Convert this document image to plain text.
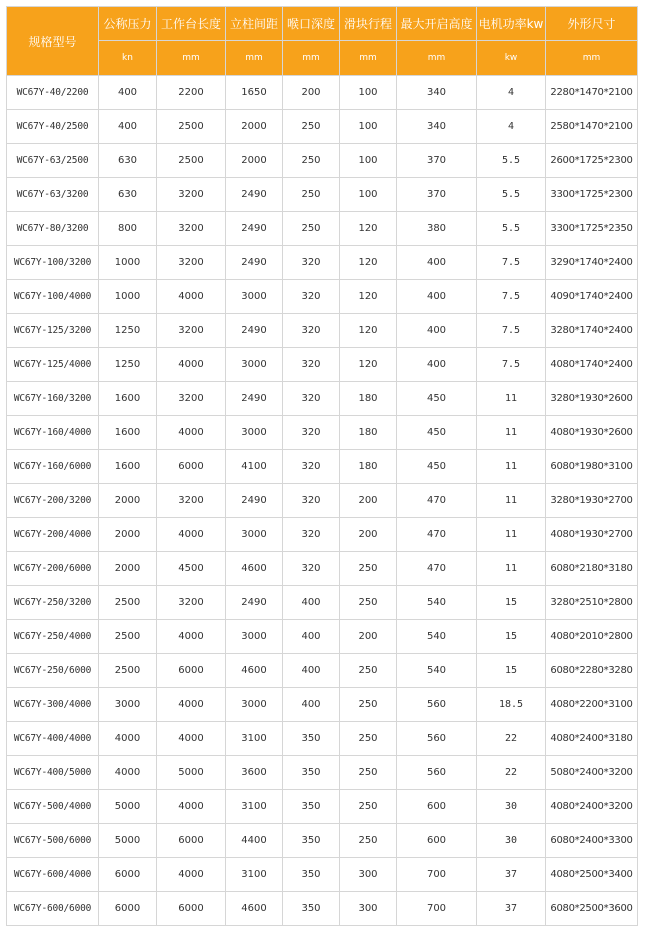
规格型号	公称压力	工作台长度	立柱间距	喉口深度	滑块行程	最大开启高度	电机功率kw	外形尺寸
	kn	mm	mm	mm	mm	mm	kw	mm
WC67Y-40/2200	400	2200	1650	200	100	340	4	2280*1470*2100
WC67Y-40/2500	400	2500	2000	250	100	340	4	2580*1470*2100
WC67Y-63/2500	630	2500	2000	250	100	370	5.5	2600*1725*2300
WC67Y-63/3200	630	3200	2490	250	100	370	5.5	3300*1725*2300
WC67Y-80/3200	800	3200	2490	250	120	380	5.5	3300*1725*2350
WC67Y-100/3200	1000	3200	2490	320	120	400	7.5	3290*1740*2400
WC67Y-100/4000	1000	4000	3000	320	120	400	7.5	4090*1740*2400
WC67Y-125/3200	1250	3200	2490	320	120	400	7.5	3280*1740*2400
WC67Y-125/4000	1250	4000	3000	320	120	400	7.5	4080*1740*2400
WC67Y-160/3200	1600	3200	2490	320	180	450	11	3280*1930*2600
WC67Y-160/4000	1600	4000	3000	320	180	450	11	4080*1930*2600
WC67Y-160/6000	1600	6000	4100	320	180	450	11	6080*1980*3100
WC67Y-200/3200	2000	3200	2490	320	200	470	11	3280*1930*2700
WC67Y-200/4000	2000	4000	3000	320	200	470	11	4080*1930*2700
WC67Y-200/6000	2000	4500	4600	320	250	470	11	6080*2180*3180
WC67Y-250/3200	2500	3200	2490	400	250	540	15	3280*2510*2800
WC67Y-250/4000	2500	4000	3000	400	200	540	15	4080*2010*2800
WC67Y-250/6000	2500	6000	4600	400	250	540	15	6080*2280*3280
WC67Y-300/4000	3000	4000	3000	400	250	560	18.5	4080*2200*3100
WC67Y-400/4000	4000	4000	3100	350	250	560	22	4080*2400*3180
WC67Y-400/5000	4000	5000	3600	350	250	560	22	5080*2400*3200
WC67Y-500/4000	5000	4000	3100	350	250	600	30	4080*2400*3200
WC67Y-500/6000	5000	6000	4400	350	250	600	30	6080*2400*3300
WC67Y-600/4000	6000	4000	3100	350	300	700	37	4080*2500*3400
WC67Y-600/6000	6000	6000	4600	350	300	700	37	6080*2500*3600
